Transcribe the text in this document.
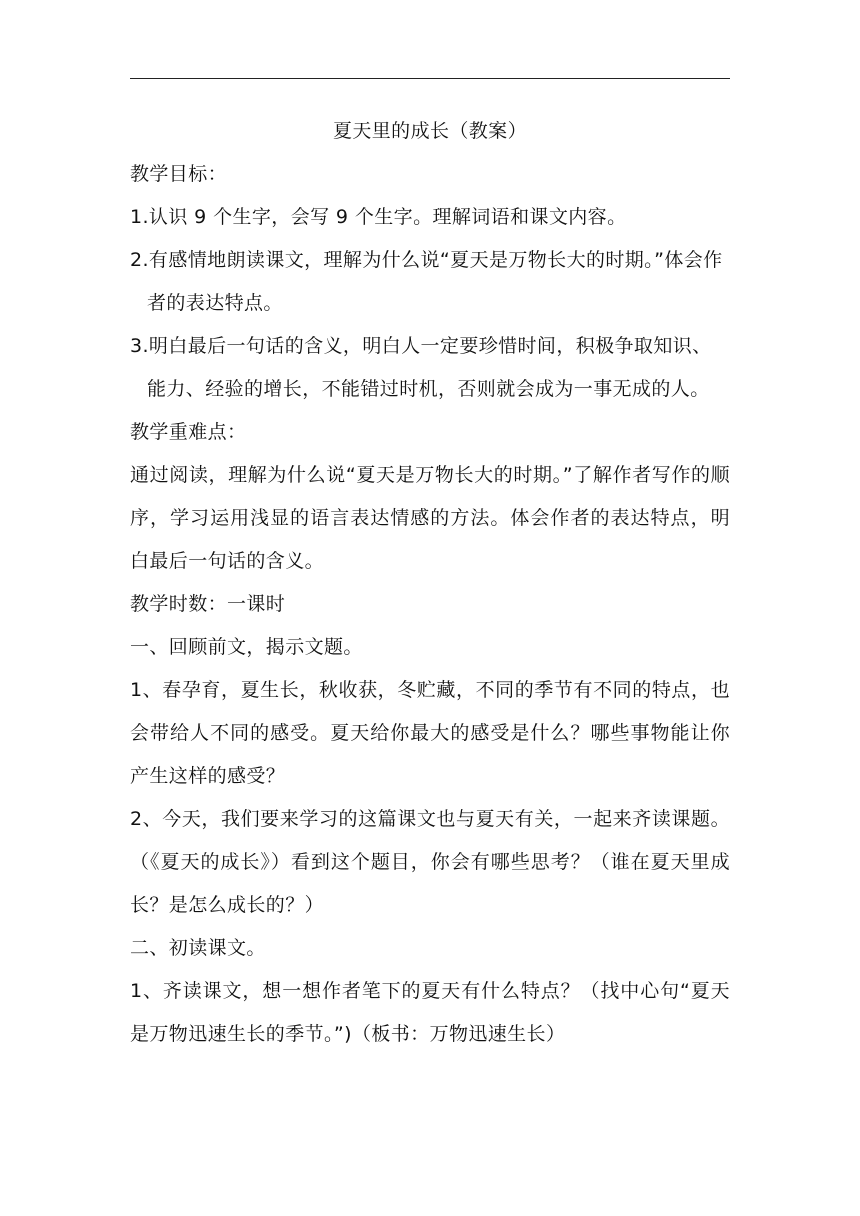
夏天里的成长（教案）

教学目标：

1.认识 9 个生字，会写 9 个生字。理解词语和课文内容。

2.有感情地朗读课文，理解为什么说“夏天是万物长大的时期。”体会作者的表达特点。

3.明白最后一句话的含义，明白人一定要珍惜时间，积极争取知识、能力、经验的增长，不能错过时机，否则就会成为一事无成的人。

教学重难点：

通过阅读，理解为什么说“夏天是万物长大的时期。”了解作者写作的顺序，学习运用浅显的语言表达情感的方法。体会作者的表达特点，明白最后一句话的含义。

教学时数：一课时

一、回顾前文，揭示文题。

1、春孕育，夏生长，秋收获，冬贮藏，不同的季节有不同的特点，也会带给人不同的感受。夏天给你最大的感受是什么？哪些事物能让你产生这样的感受？

2、今天，我们要来学习的这篇课文也与夏天有关，一起来齐读课题。（《夏天的成长》）看到这个题目，你会有哪些思考？（谁在夏天里成长？是怎么成长的？）

二、初读课文。

1、齐读课文，想一想作者笔下的夏天有什么特点？（找中心句“夏天是万物迅速生长的季节。”)（板书：万物迅速生长）
